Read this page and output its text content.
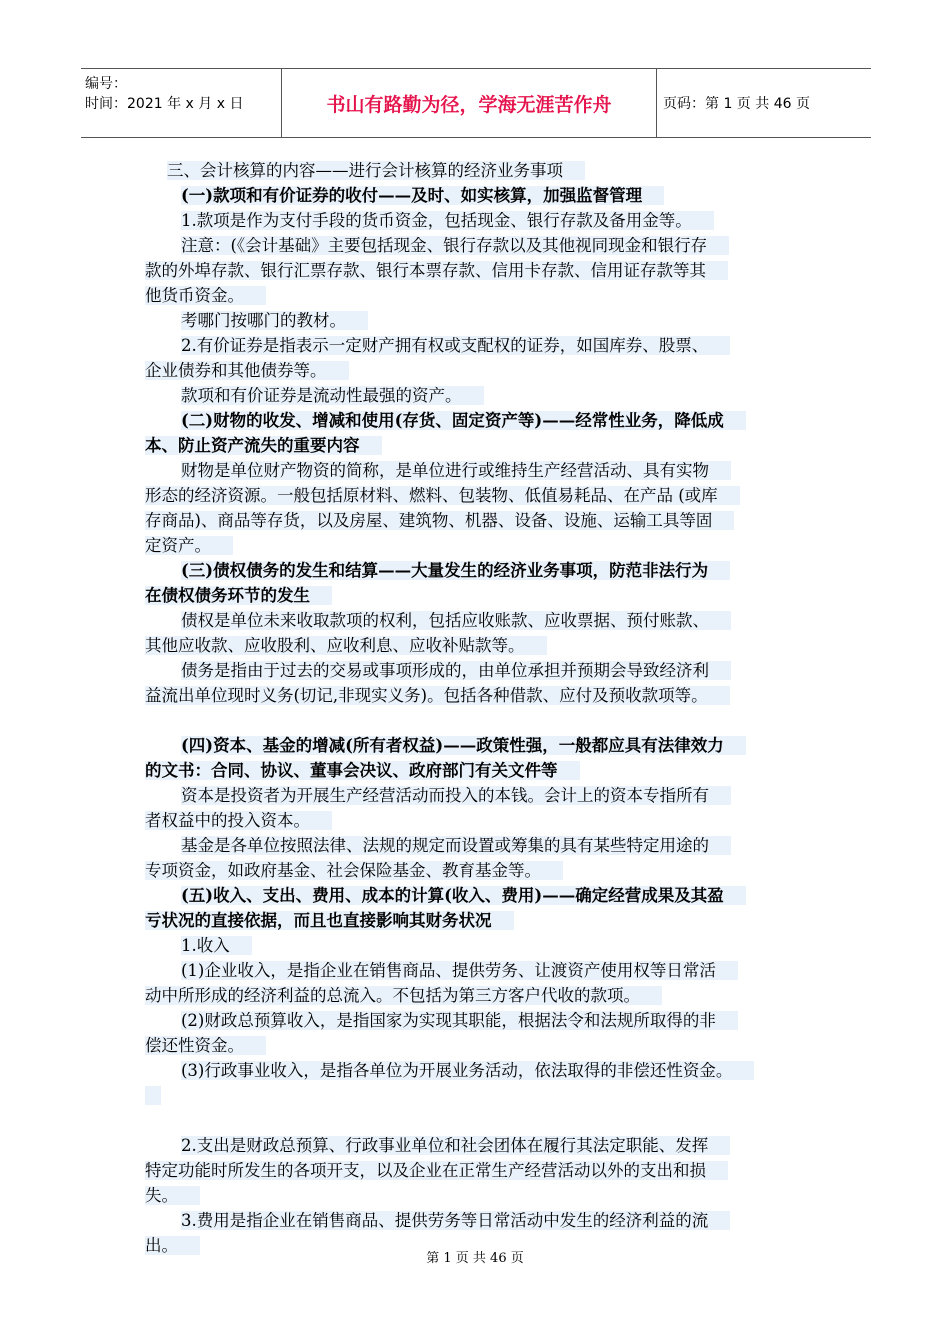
编号：
时间：2021 年 x 月 x 日	书山有路勤为径，学海无涯苦作舟	页码：第 1 页 共 46 页
三、会计核算的内容——进行会计核算的经济业务事项
(一)款项和有价证券的收付——及时、如实核算，加强监督管理
1.款项是作为支付手段的货币资金，包括现金、银行存款及备用金等。
注意：(《会计基础》主要包括现金、银行存款以及其他视同现金和银行存
款的外埠存款、银行汇票存款、银行本票存款、信用卡存款、信用证存款等其
他货币资金。
考哪门按哪门的教材。
2.有价证券是指表示一定财产拥有权或支配权的证券，如国库券、股票、
企业债券和其他债券等。
款项和有价证券是流动性最强的资产。
(二)财物的收发、增减和使用(存货、固定资产等)——经常性业务，降低成
本、防止资产流失的重要内容
财物是单位财产物资的简称，是单位进行或维持生产经营活动、具有实物
形态的经济资源。一般包括原材料、燃料、包装物、低值易耗品、在产品 (或库
存商品)、商品等存货，以及房屋、建筑物、机器、设备、设施、运输工具等固
定资产。
(三)债权债务的发生和结算——大量发生的经济业务事项，防范非法行为
在债权债务环节的发生
债权是单位未来收取款项的权利，包括应收账款、应收票据、预付账款、
其他应收款、应收股利、应收利息、应收补贴款等。
债务是指由于过去的交易或事项形成的，由单位承担并预期会导致经济利
益流出单位现时义务(切记,非现实义务)。包括各种借款、应付及预收款项等。
(四)资本、基金的增减(所有者权益)——政策性强，一般都应具有法律效力
的文书：合同、协议、董事会决议、政府部门有关文件等
资本是投资者为开展生产经营活动而投入的本钱。会计上的资本专指所有
者权益中的投入资本。
基金是各单位按照法律、法规的规定而设置或筹集的具有某些特定用途的
专项资金，如政府基金、社会保险基金、教育基金等。
(五)收入、支出、费用、成本的计算(收入、费用)——确定经营成果及其盈
亏状况的直接依据，而且也直接影响其财务状况
1.收入
(1)企业收入，是指企业在销售商品、提供劳务、让渡资产使用权等日常活
动中所形成的经济利益的总流入。不包括为第三方客户代收的款项。
(2)财政总预算收入，是指国家为实现其职能，根据法令和法规所取得的非
偿还性资金。
(3)行政事业收入，是指各单位为开展业务活动，依法取得的非偿还性资金。
2.支出是财政总预算、行政事业单位和社会团体在履行其法定职能、发挥
特定功能时所发生的各项开支，以及企业在正常生产经营活动以外的支出和损
失。
3.费用是指企业在销售商品、提供劳务等日常活动中发生的经济利益的流
出。
第 1 页 共 46 页
